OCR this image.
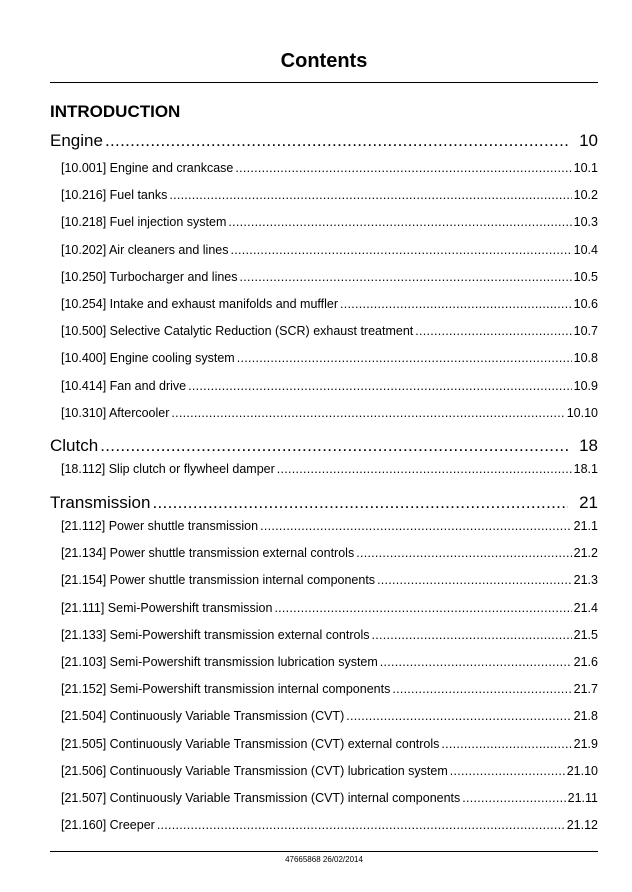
Contents
INTRODUCTION
Engine . . .	10
[10.001] Engine and crankcase . . .	10.1
[10.216] Fuel tanks . . .	10.2
[10.218] Fuel injection system . . .	10.3
[10.202] Air cleaners and lines . . .	10.4
[10.250] Turbocharger and lines . . .	10.5
[10.254] Intake and exhaust manifolds and muffler . . .	10.6
[10.500] Selective Catalytic Reduction (SCR) exhaust treatment . . .	10.7
[10.400] Engine cooling system . . .	10.8
[10.414] Fan and drive . . .	10.9
[10.310] Aftercooler . . .	10.10
Clutch . . .	18
[18.112] Slip clutch or flywheel damper . . .	18.1
Transmission . . .	21
[21.112] Power shuttle transmission . . .	21.1
[21.134] Power shuttle transmission external controls . . .	21.2
[21.154] Power shuttle transmission internal components . . .	21.3
[21.111] Semi-Powershift transmission . . .	21.4
[21.133] Semi-Powershift transmission external controls . . .	21.5
[21.103] Semi-Powershift transmission lubrication system . . .	21.6
[21.152] Semi-Powershift transmission internal components . . .	21.7
[21.504] Continuously Variable Transmission (CVT) . . .	21.8
[21.505] Continuously Variable Transmission (CVT) external controls . . .	21.9
[21.506] Continuously Variable Transmission (CVT) lubrication system . . .	21.10
[21.507] Continuously Variable Transmission (CVT) internal components . . .	21.11
[21.160] Creeper . . .	21.12
47665868 26/02/2014
